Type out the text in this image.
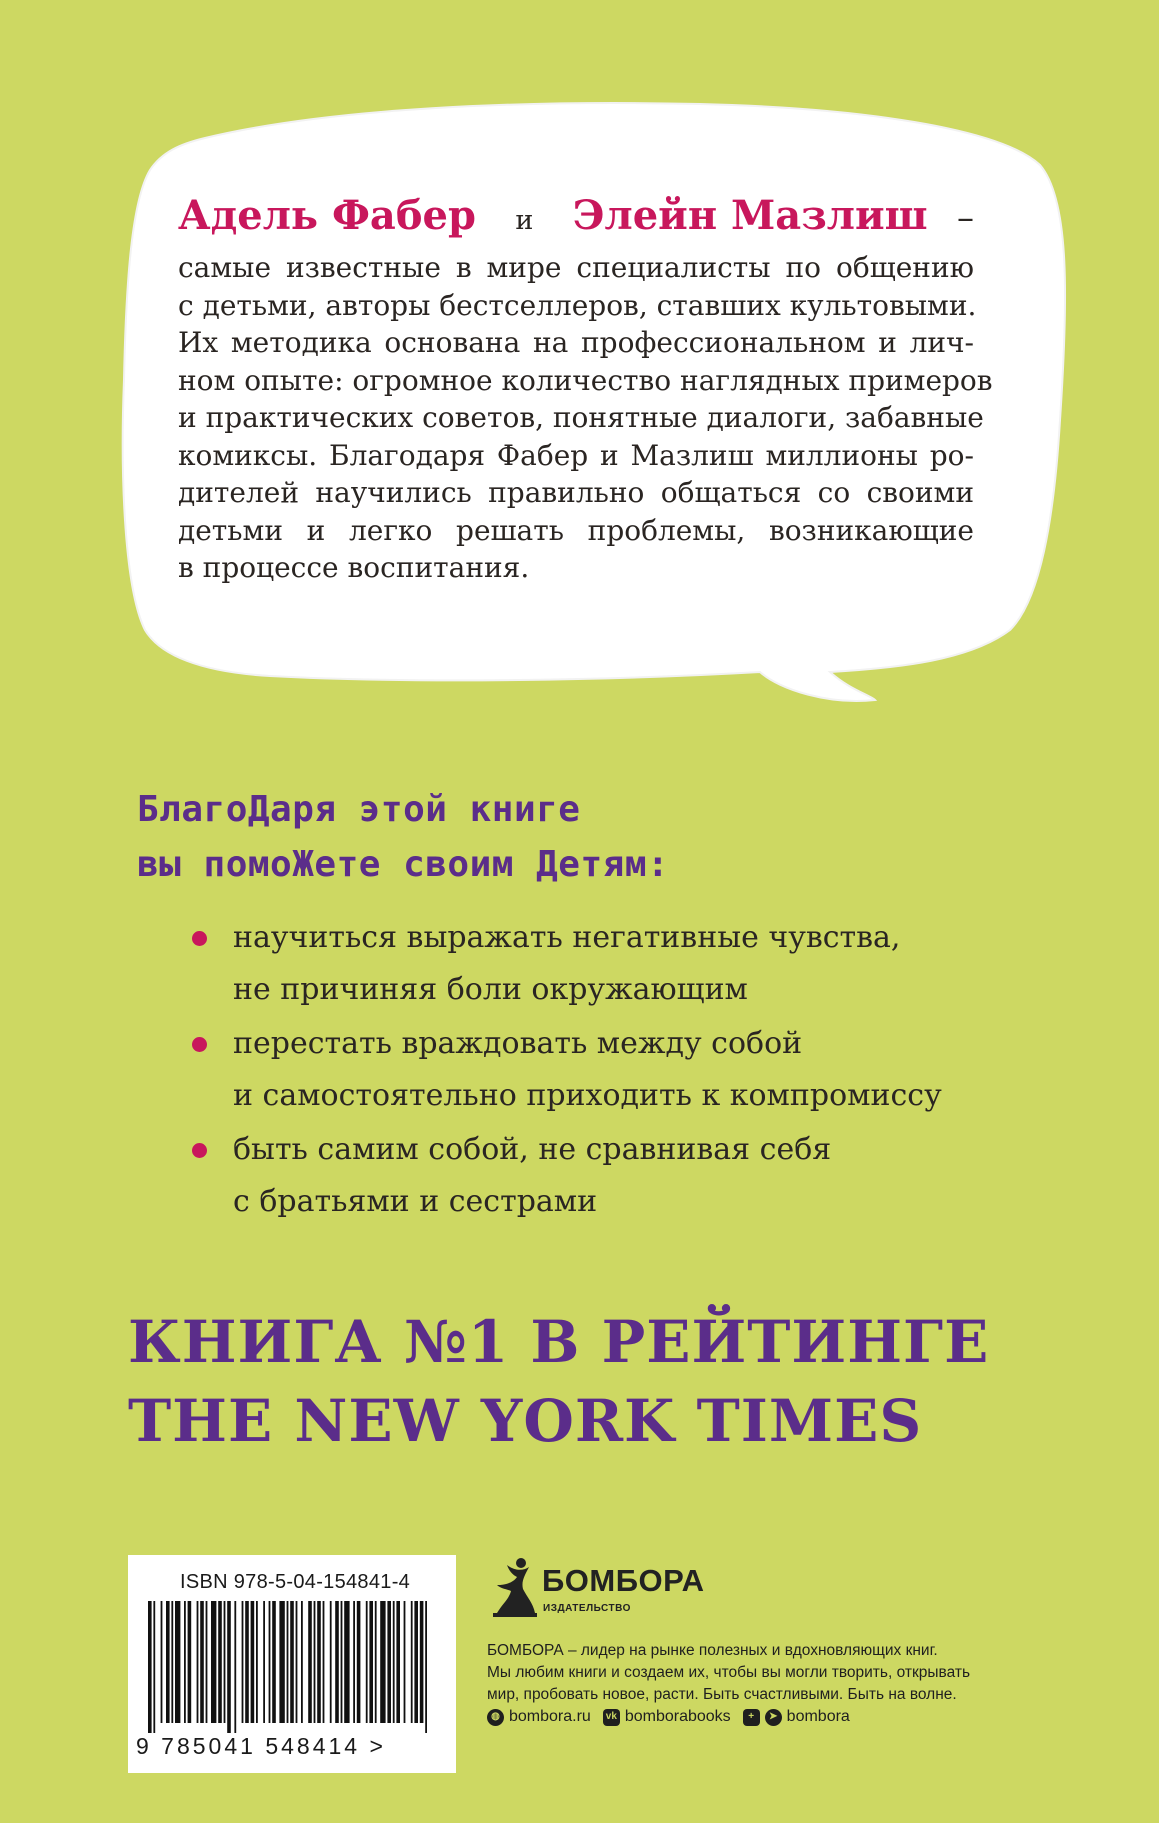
Адель Фабер	и Элейн Мазлиш –
самые известные в мире специалисты по общению
с детьми, авторы бестселлеров, ставших культовыми.
Их методика основана на профессиональном и лич-
ном опыте: огромное количество наглядных примеров
и практических советов, понятные диалоги, забавные
комиксы. Благодаря Фабер и Мазлиш миллионы ро-
дителей научились правильно общаться со своими
детьми и легко решать проблемы, возникающие
в процессе воспитания.
БлагоДаря этой книге
вы помоЖете своим Детям:
научиться выражать негативные чувства,
не причиняя боли окружающим
перестать враждовать между собой
и самостоятельно приходить к компромиссу
быть самим собой, не сравнивая себя
с братьями и сестрами
КНИГА №1 В РЕЙТИНГЕ
THE NEW YORK TIMES
ISBN 978-5-04-154841-4
9 785041 548414 >
БОМБОРА
ИЗДАТЕЛЬСТВО
БОМБОРА – лидер на рынке полезных и вдохновляющих книг.
Мы любим книги и создаем их, чтобы вы могли творить, открывать
мир, пробовать новое, расти. Быть счастливыми. Быть на волне.
◍ bombora.ru vk bomborabooks	+	➤ bombora
